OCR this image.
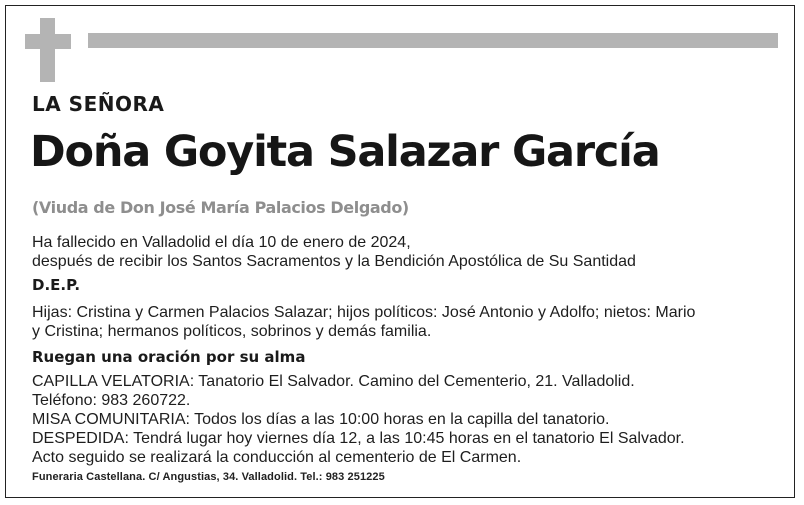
LA SEÑORA
Doña Goyita Salazar García
(Viuda de Don José María Palacios Delgado)
Ha fallecido en Valladolid el día 10 de enero de 2024,
después de recibir los Santos Sacramentos y la Bendición Apostólica de Su Santidad
D.E.P.
Hijas: Cristina y Carmen Palacios Salazar; hijos políticos: José Antonio y Adolfo; nietos: Mario
y Cristina; hermanos políticos, sobrinos y demás familia.
Ruegan una oración por su alma
CAPILLA VELATORIA: Tanatorio El Salvador. Camino del Cementerio, 21. Valladolid.
Teléfono: 983 260722.
MISA COMUNITARIA: Todos los días a las 10:00 horas en la capilla del tanatorio.
DESPEDIDA: Tendrá lugar hoy viernes día 12, a las 10:45 horas en el tanatorio El Salvador.
Acto seguido se realizará la conducción al cementerio de El Carmen.
Funeraria Castellana. C/ Angustias, 34. Valladolid. Tel.: 983 251225
